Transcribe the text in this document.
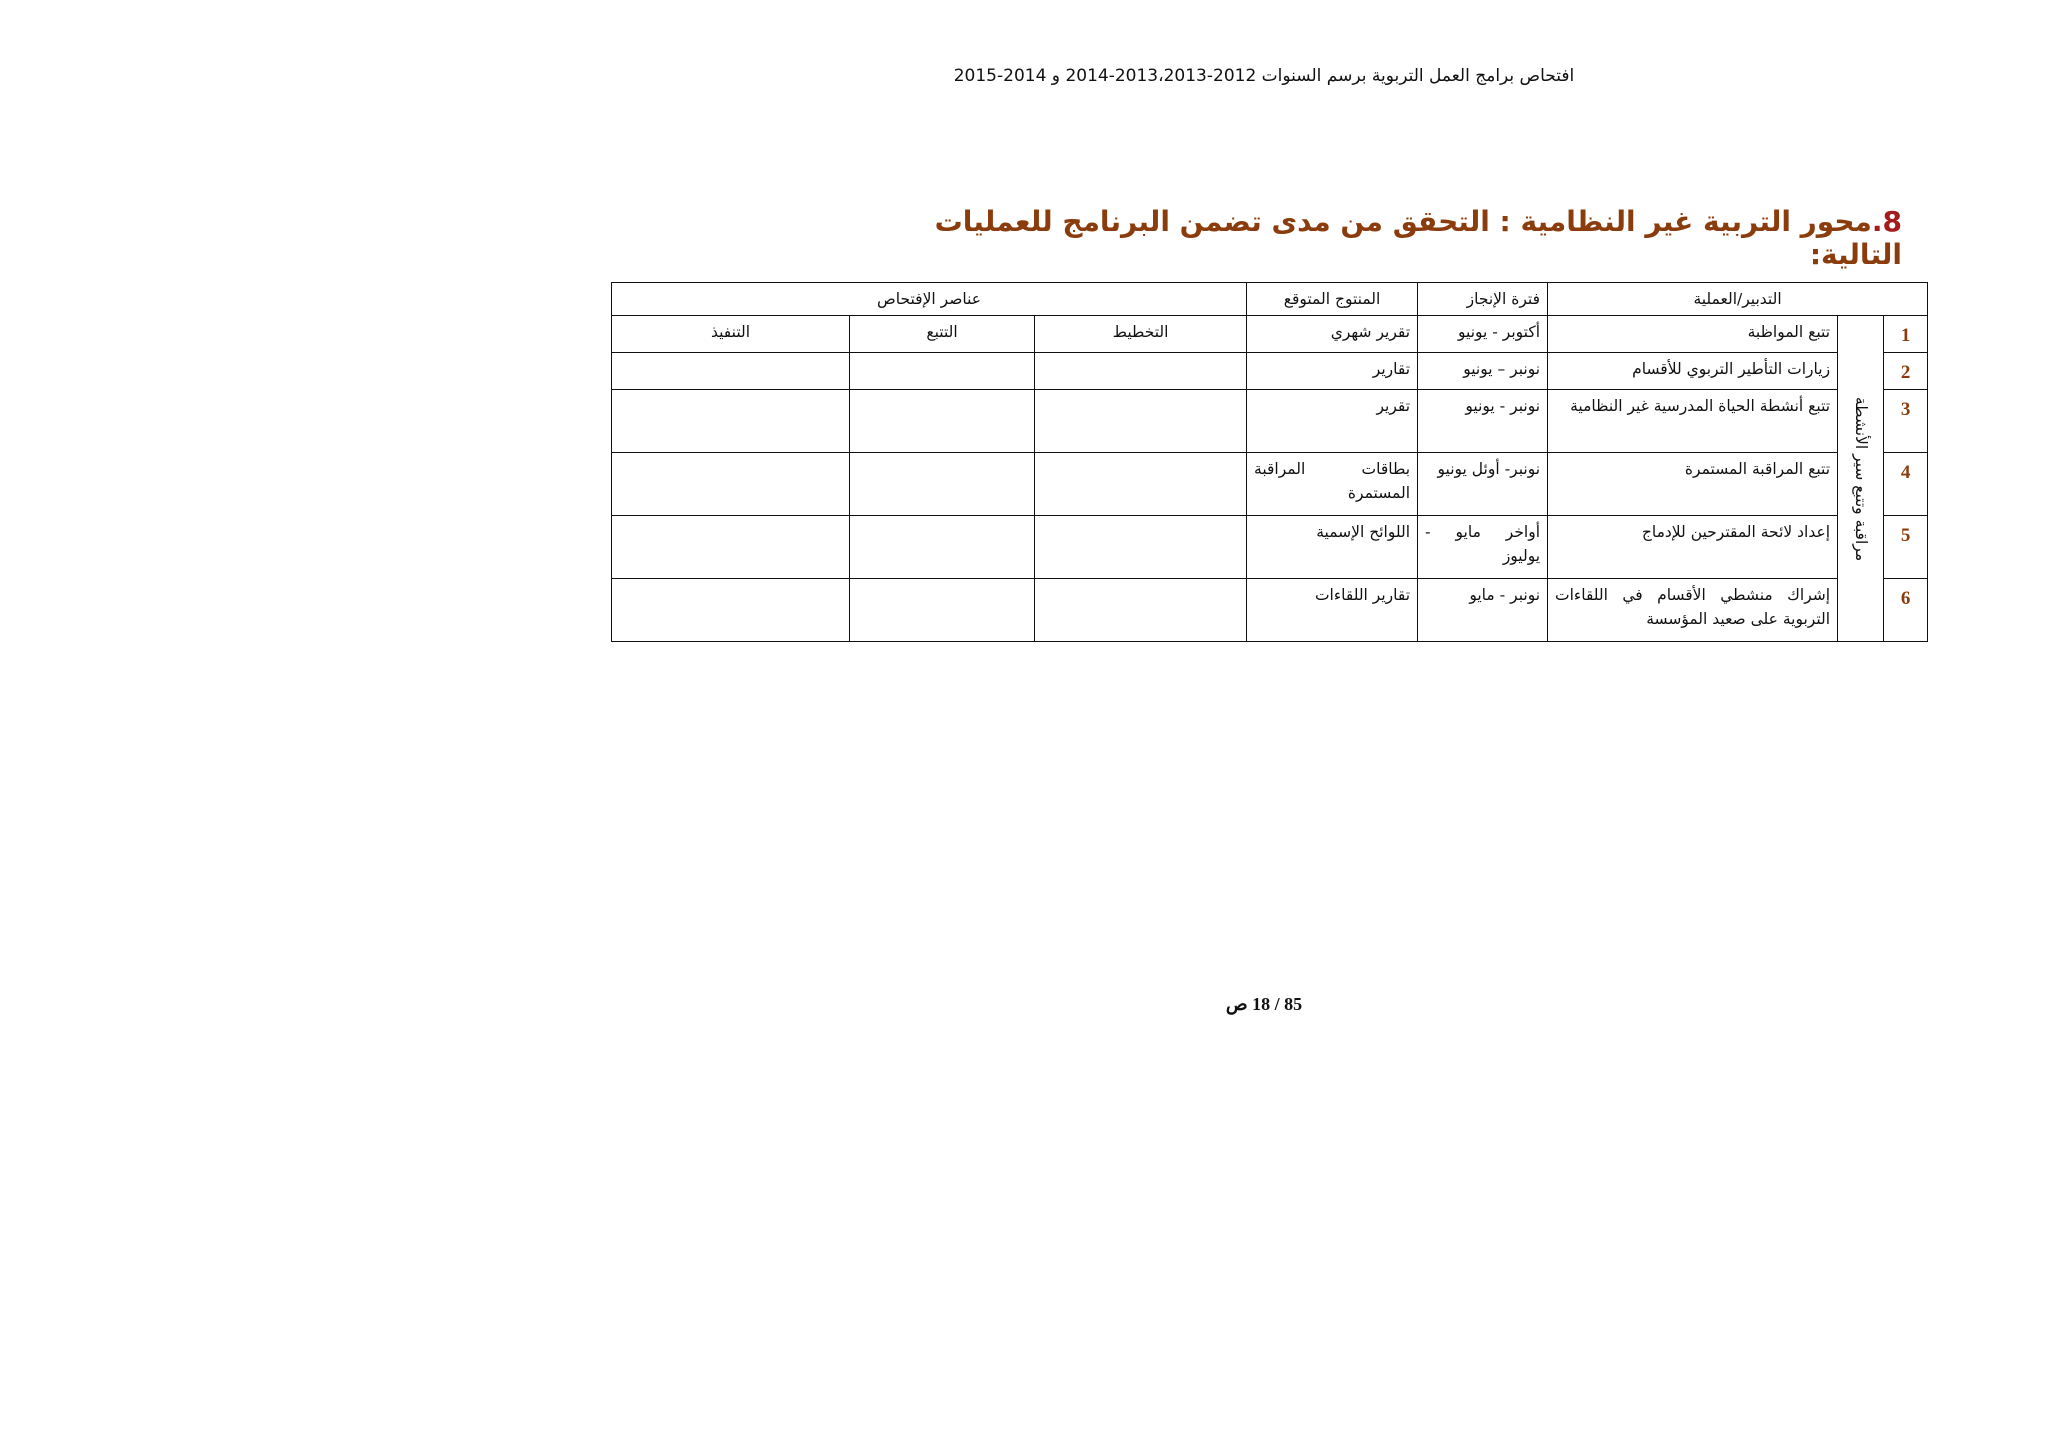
افتحاص برامج العمل التربوية برسم السنوات 2012-2013،2013-2014 و 2014-2015
8.محور التربية غير النظامية : التحقق من مدى تضمن البرنامج للعمليات التالية:
التدبير/العملية			فترة الإنجاز	المنتوج المتوقع	عناصر الإفتحاص		
1	مراقبة وتتبع سير الأنشطة	تتبع المواظبة	أكتوبر - يونيو	تقرير شهري	التخطيط	التتبع	التنفيذ
2		زيارات التأطير التربوي للأقسام	نونبر – يونيو	تقارير			
3		تتبع أنشطة الحياة المدرسية غير النظامية	نونبر - يونيو	تقرير			
4		تتبع المراقبة المستمرة	نونبر- أوئل يونيو	بطاقات المراقبة المستمرة			
5		إعداد لائحة المقترحين للإدماج	أواخر مايو - يوليوز	اللوائح الإسمية			
6		إشراك منشطي الأقسام في اللقاءات التربوية على صعيد المؤسسة	نونبر - مايو	تقارير اللقاءات			
85 / 18 ص
